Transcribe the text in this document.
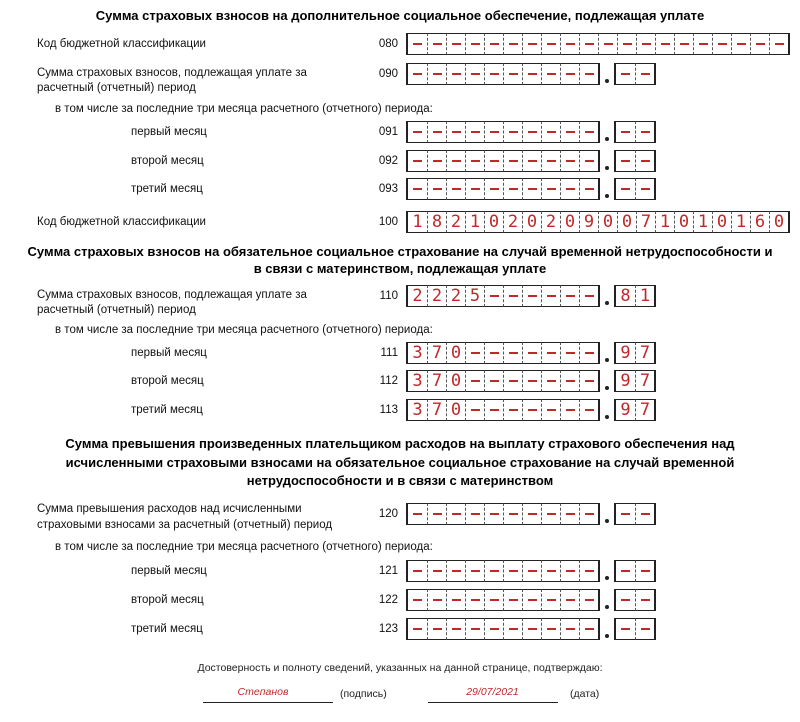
Сумма страховых взносов на дополнительное социальное обеспечение, подлежащая уплате
Код бюджетной классификации	080
Сумма страховых взносов, подлежащая уплате за
расчетный (отчетный) период
090
в том числе за последние три месяца расчетного (отчетного) периода:
первый месяц	091
второй месяц	092
третий месяц	093
Код бюджетной классификации	100 1 8 2 1 0 2 0 2 0 9 0 0 7 1 0 1 0 1 6 0
Сумма страховых взносов на обязательное социальное страхование на случай временной нетрудоспособности и
в связи с материнством, подлежащая уплате
Сумма страховых взносов, подлежащая уплате за
расчетный (отчетный) период
110 2 2 2 5	8 1
в том числе за последние три месяца расчетного (отчетного) периода:
первый месяц	111 3 7 0	9 7
второй месяц	112 3 7 0	9 7
третий месяц	113 3 7 0	9 7
Сумма превышения произведенных плательщиком расходов на выплату страхового обеспечения над
исчисленными страховыми взносами на обязательное социальное страхование на случай временной
нетрудоспособности и в связи с материнством
Сумма превышения расходов над исчисленными
страховыми взносами за расчетный (отчетный) период
120
в том числе за последние три месяца расчетного (отчетного) периода:
первый месяц	121
второй месяц	122
третий месяц	123
Достоверность и полноту сведений, указанных на данной странице, подтверждаю:
Степанов	(подпись)	29/07/2021	(дата)
